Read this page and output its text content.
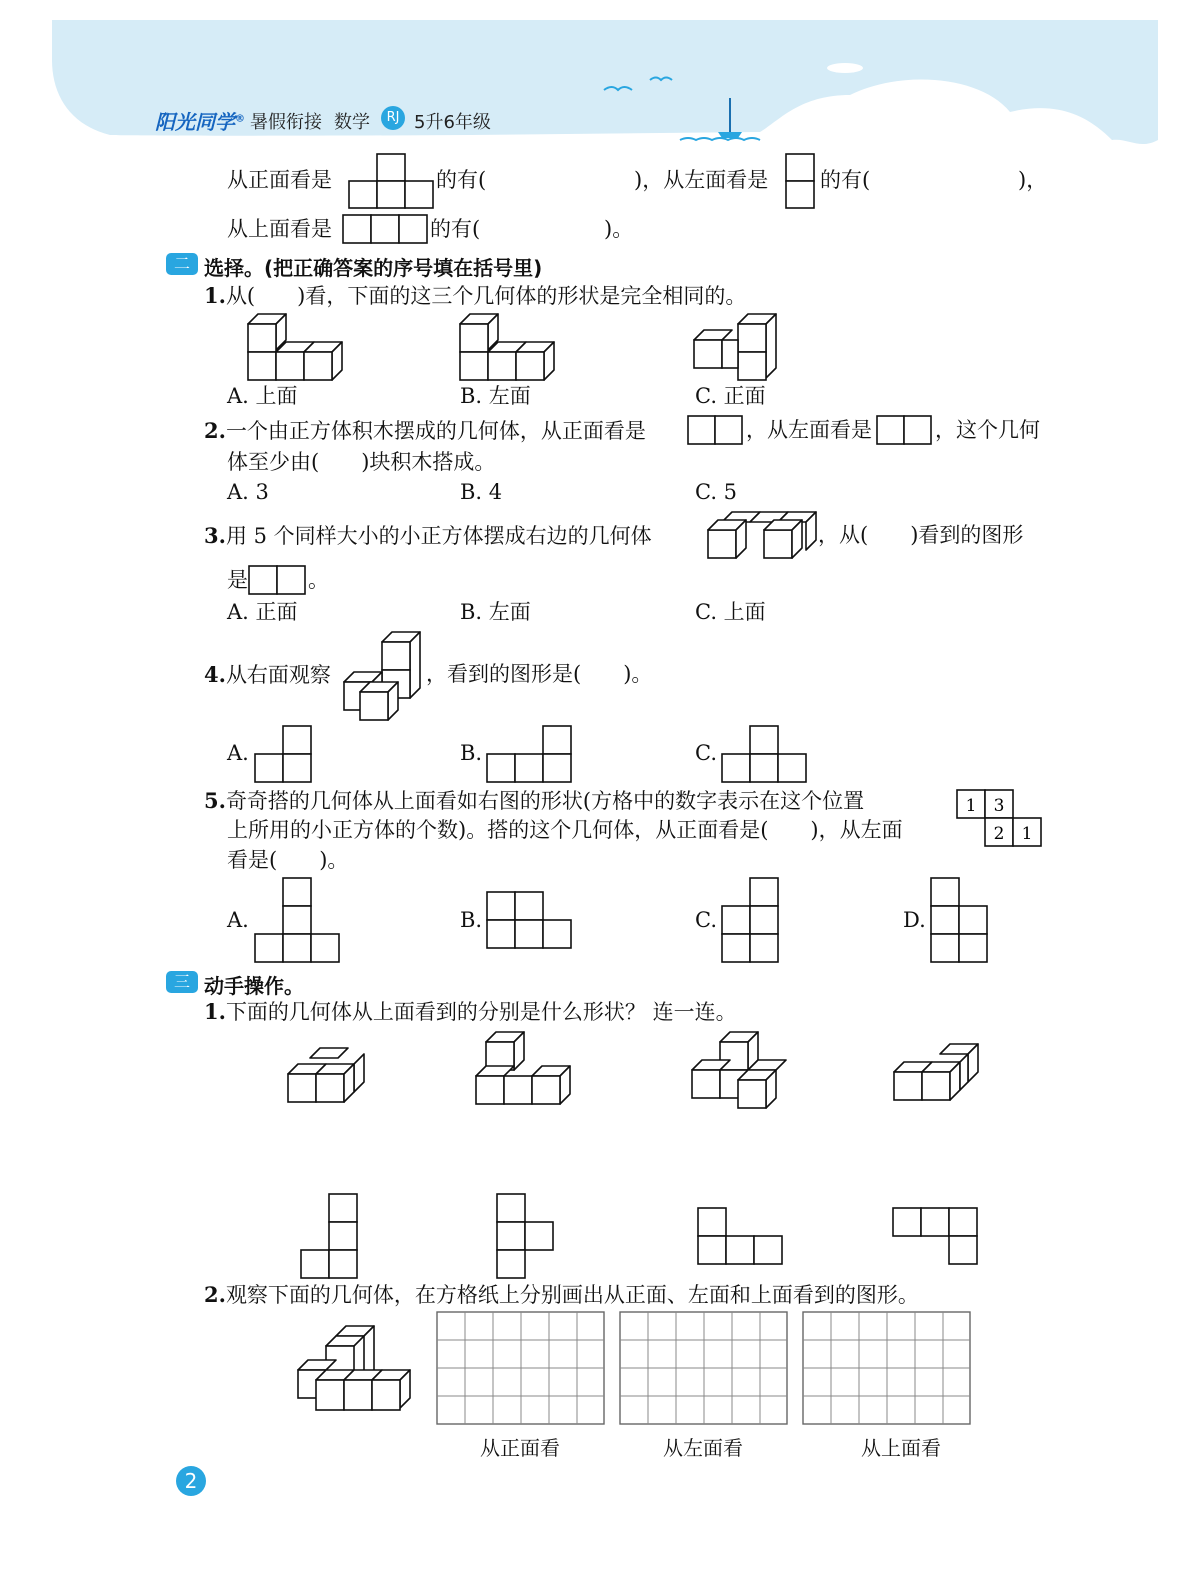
阳光同学® 暑假衔接 数学	RJ 5升6年级
从正面看是	的有(	)，从左面看是 的有(	)，
从上面看是	的有(	)。
二 选择。(把正确答案的序号填在括号里)
1.从(　　)看，下面的这三个几何体的形状是完全相同的。
A. 上面	B. 左面	C. 正面
2.一个由正方体积木摆成的几何体，从正面看是	，从左面看是	，这个几何
体至少由(　　)块积木搭成。
A. 3	B. 4	C. 5
3.用 5 个同样大小的小正方体摆成右边的几何体	，从(　　)看到的图形
是	。
A. 正面	B. 左面	C. 上面
4.从右面观察	，看到的图形是(　　)。
A.	B.	C.
5.奇奇搭的几何体从上面看如右图的形状(方格中的数字表示在这个位置
上所用的小正方体的个数)。搭的这个几何体，从正面看是(　　)，从左面
看是(　　)。
1 3
2 1
A.	B.	C.	D.
三 动手操作。
1.下面的几何体从上面看到的分别是什么形状？ 连一连。
2.观察下面的几何体，在方格纸上分别画出从正面、左面和上面看到的图形。
从正面看	从左面看	从上面看
2
